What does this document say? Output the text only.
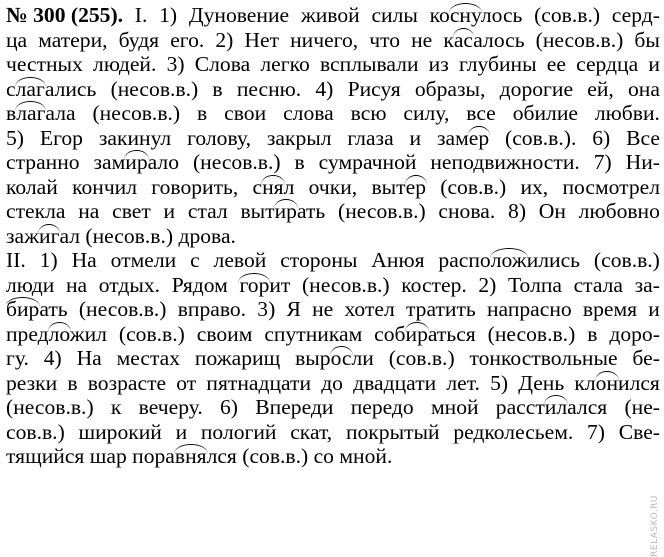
№ 300 (255). I. 1) Дуновение живой силы коснулось (сов.в.) серд-
ца матери, будя его. 2) Нет ничего, что не касалось (несов.в.) бы
честных людей. 3) Слова легко всплывали из глубины ее сердца и
слагались (несов.в.) в песню. 4) Рисуя образы, дорогие ей, она
влагала (несов.в.) в свои слова всю силу, все обилие любви.
5) Егор закинул голову, закрыл глаза и замер (сов.в.). 6) Все
странно замирало (несов.в.) в сумрачной неподвижности. 7) Ни-
колай кончил говорить, снял очки, вытер (сов.в.) их, посмотрел
стекла на свет и стал вытирать (несов.в.) снова. 8) Он любовно
зажигал (несов.в.) дрова.
II. 1) На отмели с левой стороны Анюя расположились (сов.в.)
люди на отдых. Рядом горит (несов.в.) костер. 2) Толпа стала за-
бирать (несов.в.) вправо. 3) Я не хотел тратить напрасно время и
предложил (сов.в.) своим спутникам собираться (несов.в.) в доро-
гу. 4) На местах пожарищ выросли (сов.в.) тонкоствольные бе-
резки в возрасте от пятнадцати до двадцати лет. 5) День клонился
(несов.в.) к вечеру. 6) Впереди передо мной расстилался (не-
сов.в.) широкий и пологий скат, покрытый редколесьем. 7) Све-
тящийся шар поравнялся (сов.в.) со мной.
RELASKO.RU
